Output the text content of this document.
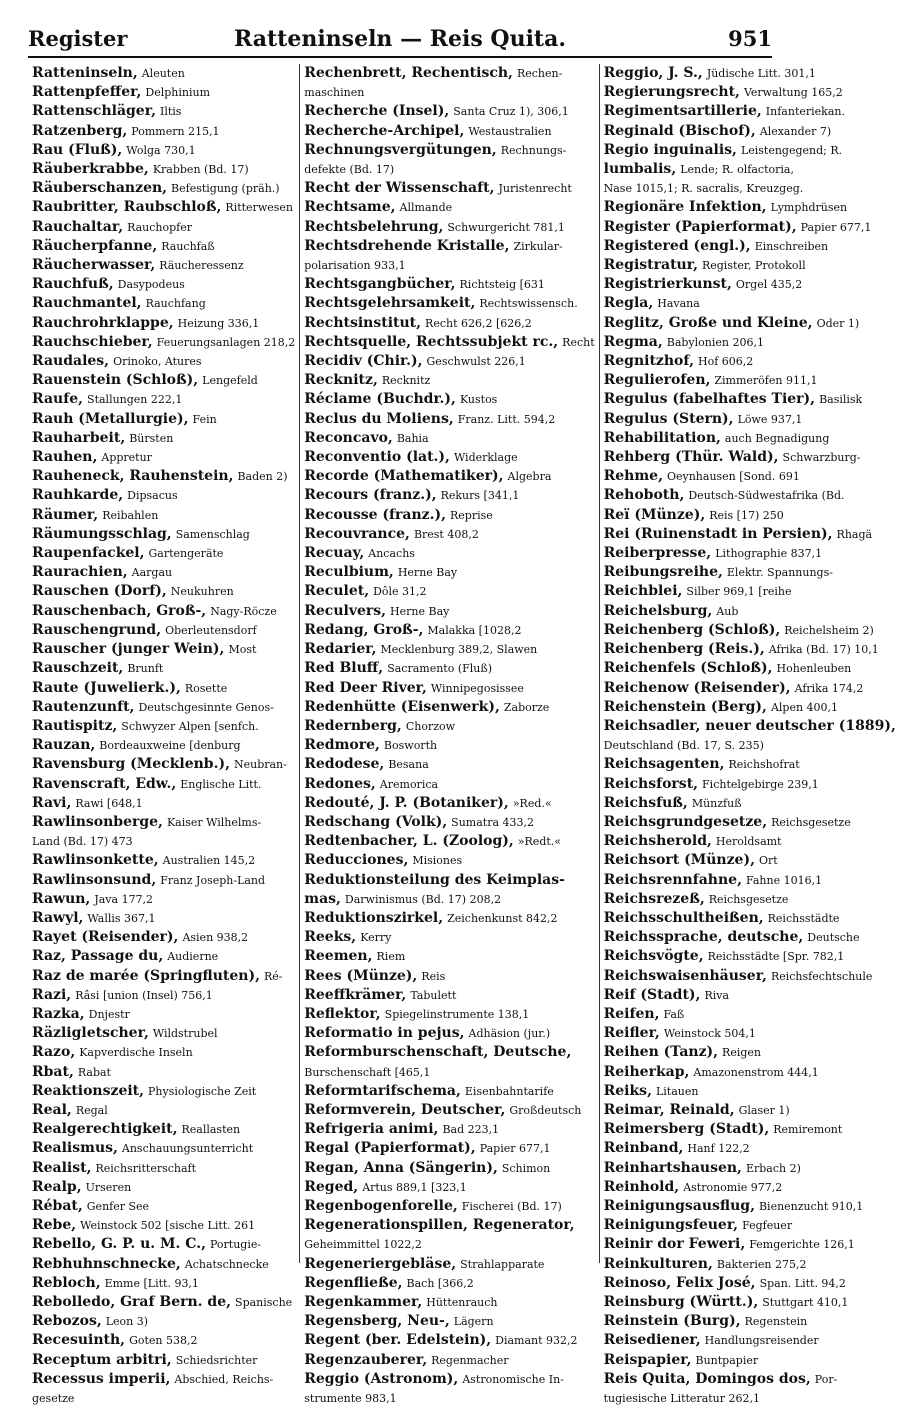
Register	Ratteninseln — Reis Quita.	951
Ratteninseln, Aleuten
Rattenpfeffer, Delphinium
Rattenschläger, Iltis
Ratzenberg, Pommern 215,1
Rau (Fluß), Wolga 730,1
Räuberkrabbe, Krabben (Bd. 17)
Räuberschanzen, Befestigung (präh.)
Raubritter, Raubschloß, Ritterwesen
Rauchaltar, Rauchopfer
Räucherpfanne, Rauchfaß
Räucherwasser, Räucheressenz
Rauchfuß, Dasypodeus
Rauchmantel, Rauchfang
Rauchrohrklappe, Heizung 336,1
Rauchschieber, Feuerungsanlagen 218,2
Raudales, Orinoko, Atures
Rauenstein (Schloß), Lengefeld
Raufe, Stallungen 222,1
Rauh (Metallurgie), Fein
Rauharbeit, Bürsten
Rauhen, Appretur
Rauheneck, Rauhenstein, Baden 2)
Rauhkarde, Dipsacus
Räumer, Reibahlen
Räumungsschlag, Samenschlag
Raupenfackel, Gartengeräte
Raurachien, Aargau
Rauschen (Dorf), Neukuhren
Rauschenbach, Groß-, Nagy-Röcze
Rauschengrund, Oberleutensdorf
Rauscher (junger Wein), Most
Rauschzeit, Brunft
Raute (Juwelierk.), Rosette
Rautenzunft, Deutschgesinnte Genos-
Rautispitz, Schwyzer Alpen [senfch.
Rauzan, Bordeauxweine [denburg
Ravensburg (Mecklenb.), Neubran-
Ravenscraft, Edw., Englische Litt.
Ravi, Rawi [648,1
Rawlinsonberge, Kaiser Wilhelms-
Land (Bd. 17) 473
Rawlinsonkette, Australien 145,2
Rawlinsonsund, Franz Joseph-Land
Rawun, Java 177,2
Rawyl, Wallis 367,1
Rayet (Reisender), Asien 938,2
Raz, Passage du, Audierne
Raz de marée (Springfluten), Ré-
Razi, Râsi [union (Insel) 756,1
Razka, Dnjestr
Räzligletscher, Wildstrubel
Razo, Kapverdische Inseln
Rbat, Rabat
Reaktionszeit, Physiologische Zeit
Real, Regal
Realgerechtigkeit, Reallasten
Realismus, Anschauungsunterricht
Realist, Reichsritterschaft
Realp, Urseren
Rébat, Genfer See
Rebe, Weinstock 502 [sische Litt. 261
Rebello, G. P. u. M. C., Portugie-
Rebhuhnschnecke, Achatschnecke
Rebloch, Emme [Litt. 93,1
Rebolledo, Graf Bern. de, Spanische
Rebozos, Leon 3)
Recesuinth, Goten 538,2
Receptum arbitri, Schiedsrichter
Recessus imperii, Abschied, Reichs-
gesetze
Rechenbrett, Rechentisch, Rechen-
maschinen
Recherche (Insel), Santa Cruz 1), 306,1
Recherche-Archipel, Westaustralien
Rechnungsvergütungen, Rechnungs-
defekte (Bd. 17)
Recht der Wissenschaft, Juristenrecht
Rechtsame, Allmande
Rechtsbelehrung, Schwurgericht 781,1
Rechtsdrehende Kristalle, Zirkular-
polarisation 933,1
Rechtsgangbücher, Richtsteig [631
Rechtsgelehrsamkeit, Rechtswissensch.
Rechtsinstitut, Recht 626,2 [626,2
Rechtsquelle, Rechtssubjekt rc., Recht
Recidiv (Chir.), Geschwulst 226,1
Recknitz, Recknitz
Réclame (Buchdr.), Kustos
Reclus du Moliens, Franz. Litt. 594,2
Reconcavo, Bahia
Reconventio (lat.), Widerklage
Recorde (Mathematiker), Algebra
Recours (franz.), Rekurs [341,1
Recousse (franz.), Reprise
Recouvrance, Brest 408,2
Recuay, Ancachs
Reculbium, Herne Bay
Reculet, Dôle 31,2
Reculvers, Herne Bay
Redang, Groß-, Malakka [1028,2
Redarier, Mecklenburg 389,2, Slawen
Red Bluff, Sacramento (Fluß)
Red Deer River, Winnipegosissee
Redenhütte (Eisenwerk), Zaborze
Redernberg, Chorzow
Redmore, Bosworth
Redodese, Besana
Redones, Aremorica
Redouté, J. P. (Botaniker), »Red.«
Redschang (Volk), Sumatra 433,2
Redtenbacher, L. (Zoolog), »Redt.«
Reducciones, Misiones
Reduktionsteilung des Keimplas-
mas, Darwinismus (Bd. 17) 208,2
Reduktionszirkel, Zeichenkunst 842,2
Reeks, Kerry
Reemen, Riem
Rees (Münze), Reis
Reeffkrämer, Tabulett
Reflektor, Spiegelinstrumente 138,1
Reformatio in pejus, Adhäsion (jur.)
Reformburschenschaft, Deutsche,
Burschenschaft [465,1
Reformtarifschema, Eisenbahntarife
Reformverein, Deutscher, Großdeutsch
Refrigeria animi, Bad 223,1
Regal (Papierformat), Papier 677,1
Regan, Anna (Sängerin), Schimon
Reged, Artus 889,1 [323,1
Regenbogenforelle, Fischerei (Bd. 17)
Regenerationspillen, Regenerator,
Geheimmittel 1022,2
Regeneriergebläse, Strahlapparate
Regenfließe, Bach [366,2
Regenkammer, Hüttenrauch
Regensberg, Neu-, Lägern
Regent (ber. Edelstein), Diamant 932,2
Regenzauberer, Regenmacher
Reggio (Astronom), Astronomische In-
strumente 983,1
Reggio, J. S., Jüdische Litt. 301,1
Regierungsrecht, Verwaltung 165,2
Regimentsartillerie, Infanteriekan.
Reginald (Bischof), Alexander 7)
Regio inguinalis, Leistengegend; R.
lumbalis, Lende; R. olfactoria,
Nase 1015,1; R. sacralis, Kreuzgeg.
Regionäre Infektion, Lymphdrüsen
Register (Papierformat), Papier 677,1
Registered (engl.), Einschreiben
Registratur, Register, Protokoll
Registrierkunst, Orgel 435,2
Regla, Havana
Reglitz, Große und Kleine, Oder 1)
Regma, Babylonien 206,1
Regnitzhof, Hof 606,2
Regulierofen, Zimmeröfen 911,1
Regulus (fabelhaftes Tier), Basilisk
Regulus (Stern), Löwe 937,1
Rehabilitation, auch Begnadigung
Rehberg (Thür. Wald), Schwarzburg-
Rehme, Oeynhausen [Sond. 691
Rehoboth, Deutsch-Südwestafrika (Bd.
Reï (Münze), Reis [17) 250
Rei (Ruinenstadt in Persien), Rhagä
Reiberpresse, Lithographie 837,1
Reibungsreihe, Elektr. Spannungs-
Reichblei, Silber 969,1 [reihe
Reichelsburg, Aub
Reichenberg (Schloß), Reichelsheim 2)
Reichenberg (Reis.), Afrika (Bd. 17) 10,1
Reichenfels (Schloß), Hohenleuben
Reichenow (Reisender), Afrika 174,2
Reichenstein (Berg), Alpen 400,1
Reichsadler, neuer deutscher (1889),
Deutschland (Bd. 17, S. 235)
Reichsagenten, Reichshofrat
Reichsforst, Fichtelgebirge 239,1
Reichsfuß, Münzfuß
Reichsgrundgesetze, Reichsgesetze
Reichsherold, Heroldsamt
Reichsort (Münze), Ort
Reichsrennfahne, Fahne 1016,1
Reichsrezeß, Reichsgesetze
Reichsschultheißen, Reichsstädte
Reichssprache, deutsche, Deutsche
Reichsvögte, Reichsstädte [Spr. 782,1
Reichswaisenhäuser, Reichsfechtschule
Reif (Stadt), Riva
Reifen, Faß
Reifler, Weinstock 504,1
Reihen (Tanz), Reigen
Reiherkap, Amazonenstrom 444,1
Reiks, Litauen
Reimar, Reinald, Glaser 1)
Reimersberg (Stadt), Remiremont
Reinband, Hanf 122,2
Reinhartshausen, Erbach 2)
Reinhold, Astronomie 977,2
Reinigungsausflug, Bienenzucht 910,1
Reinigungsfeuer, Fegfeuer
Reinir dor Feweri, Femgerichte 126,1
Reinkulturen, Bakterien 275,2
Reinoso, Felix José, Span. Litt. 94,2
Reinsburg (Württ.), Stuttgart 410,1
Reinstein (Burg), Regenstein
Reisediener, Handlungsreisender
Reispapier, Buntpapier
Reis Quita, Domingos dos, Por-
tugiesische Litteratur 262,1
